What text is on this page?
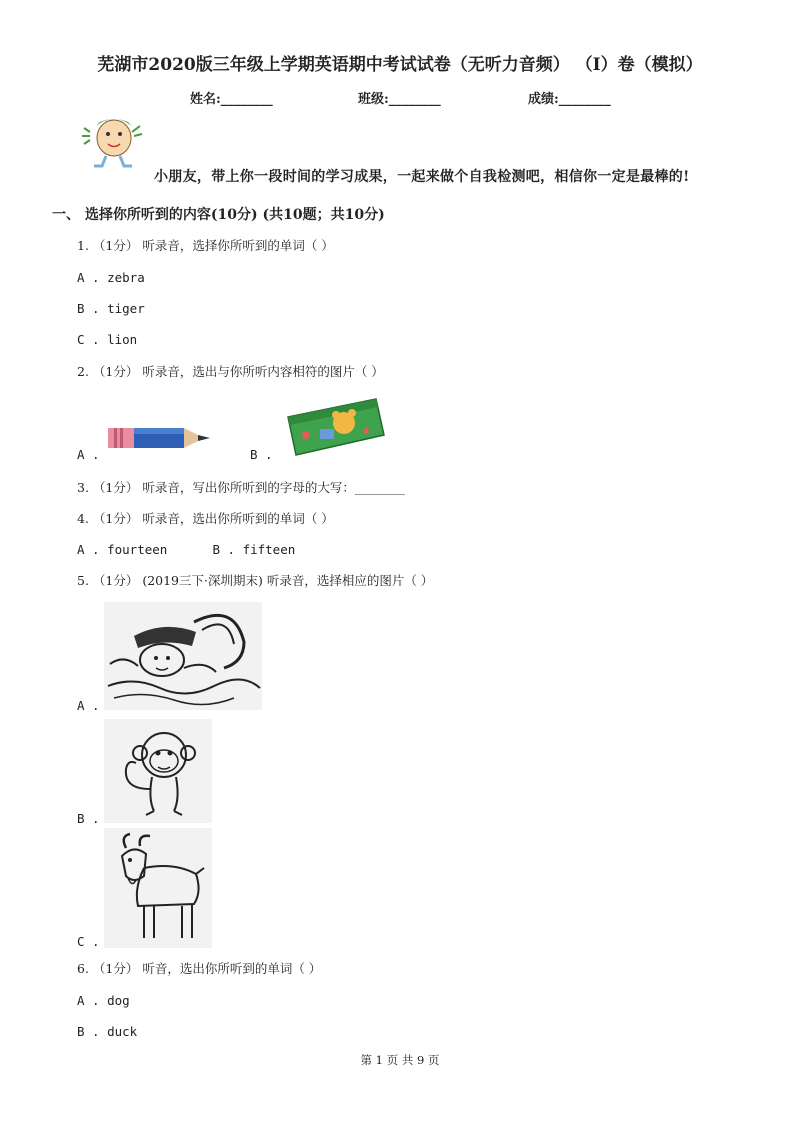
芜湖市2020版三年级上学期英语期中考试试卷（无听力音频） （I）卷（模拟）
姓名:________	班级:________	成绩:________
小朋友，带上你一段时间的学习成果，一起来做个自我检测吧，相信你一定是最棒的!
一、 选择你所听到的内容(10分) (共10题；共10分)
1. （1分） 听录音，选择你所听到的单词（ ）
A . zebra
B . tiger
C . lion
2. （1分） 听录音，选出与你所听内容相符的图片（ ）
A .	B .
3. （1分） 听录音，写出你所听到的字母的大写：________
4. （1分） 听录音，选出你所听到的单词（ ）
A . fourteen      B . fifteen
5. （1分） (2019三下·深圳期末) 听录音，选择相应的图片（ ）
A .
B .
C .
6. （1分） 听音，选出你所听到的单词（ ）
A . dog
B . duck
第 1 页 共 9 页
